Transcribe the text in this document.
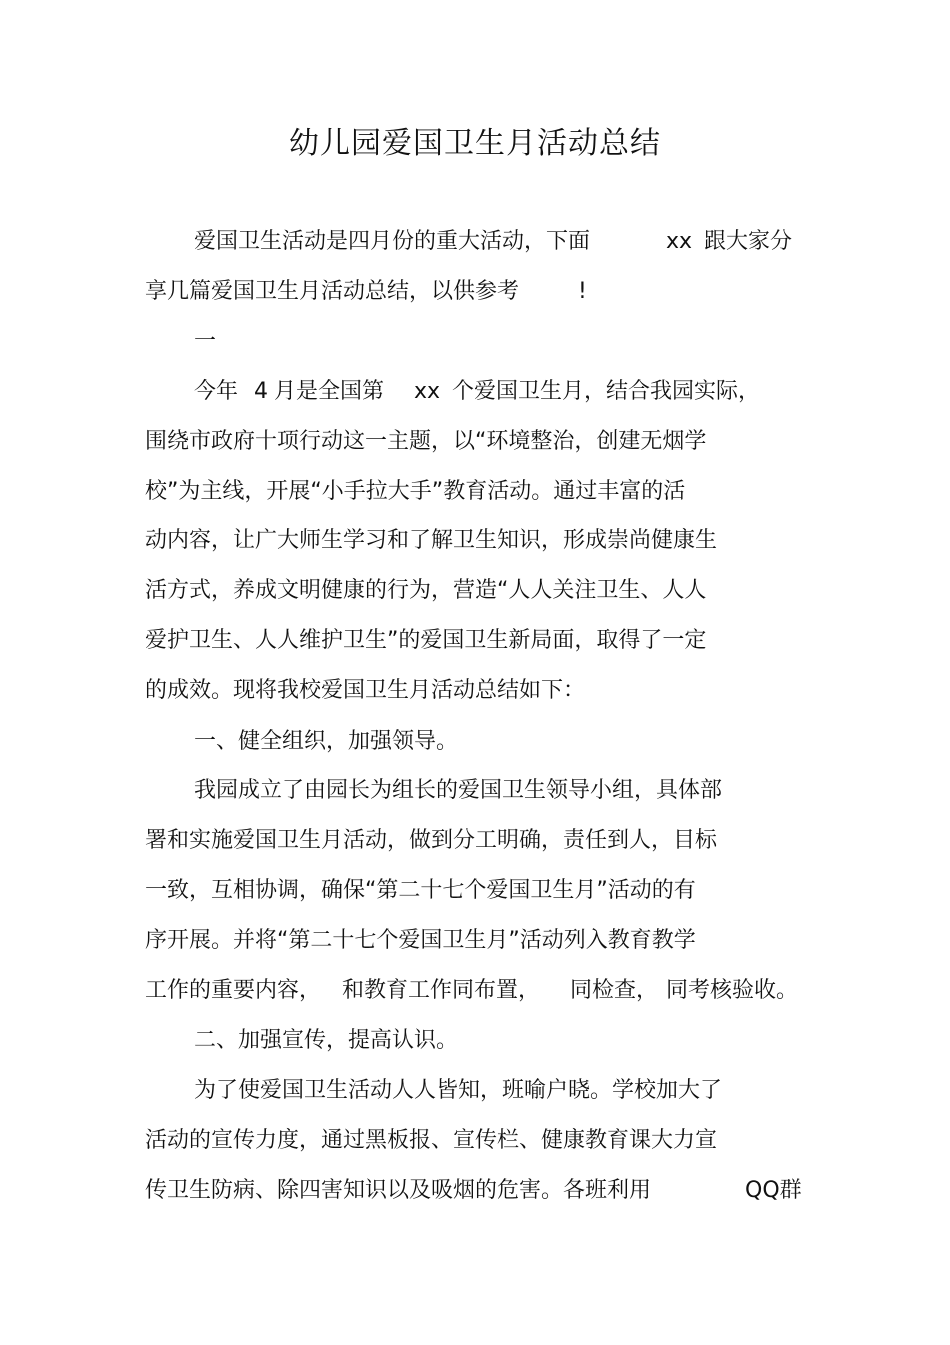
幼儿园爱国卫生月活动总结
爱国卫生活动是四月份的重大活动，下面	xx 跟大家分
享几篇爱国卫生月活动总结，以供参考	!
一
今年 4 月是全国第 xx 个爱国卫生月，结合我园实际，
围绕市政府十项行动这一主题，以“环境整治，创建无烟学
校”为主线，开展“小手拉大手”教育活动。通过丰富的活
动内容，让广大师生学习和了解卫生知识，形成崇尚健康生
活方式，养成文明健康的行为，营造“人人关注卫生、人人
爱护卫生、人人维护卫生”的爱国卫生新局面，取得了一定
的成效。现将我校爱国卫生月活动总结如下：
一、健全组织，加强领导。
我园成立了由园长为组长的爱国卫生领导小组，具体部
署和实施爱国卫生月活动，做到分工明确，责任到人，目标
一致，互相协调，确保“第二十七个爱国卫生月”活动的有
序开展。并将“第二十七个爱国卫生月”活动列入教育教学
工作的重要内容， 和教育工作同布置， 同检查， 同考核验收。
二、加强宣传，提高认识。
为了使爱国卫生活动人人皆知，班喻户晓。学校加大了
活动的宣传力度，通过黑板报、宣传栏、健康教育课大力宣
传卫生防病、除四害知识以及吸烟的危害。各班利用	QQ群
